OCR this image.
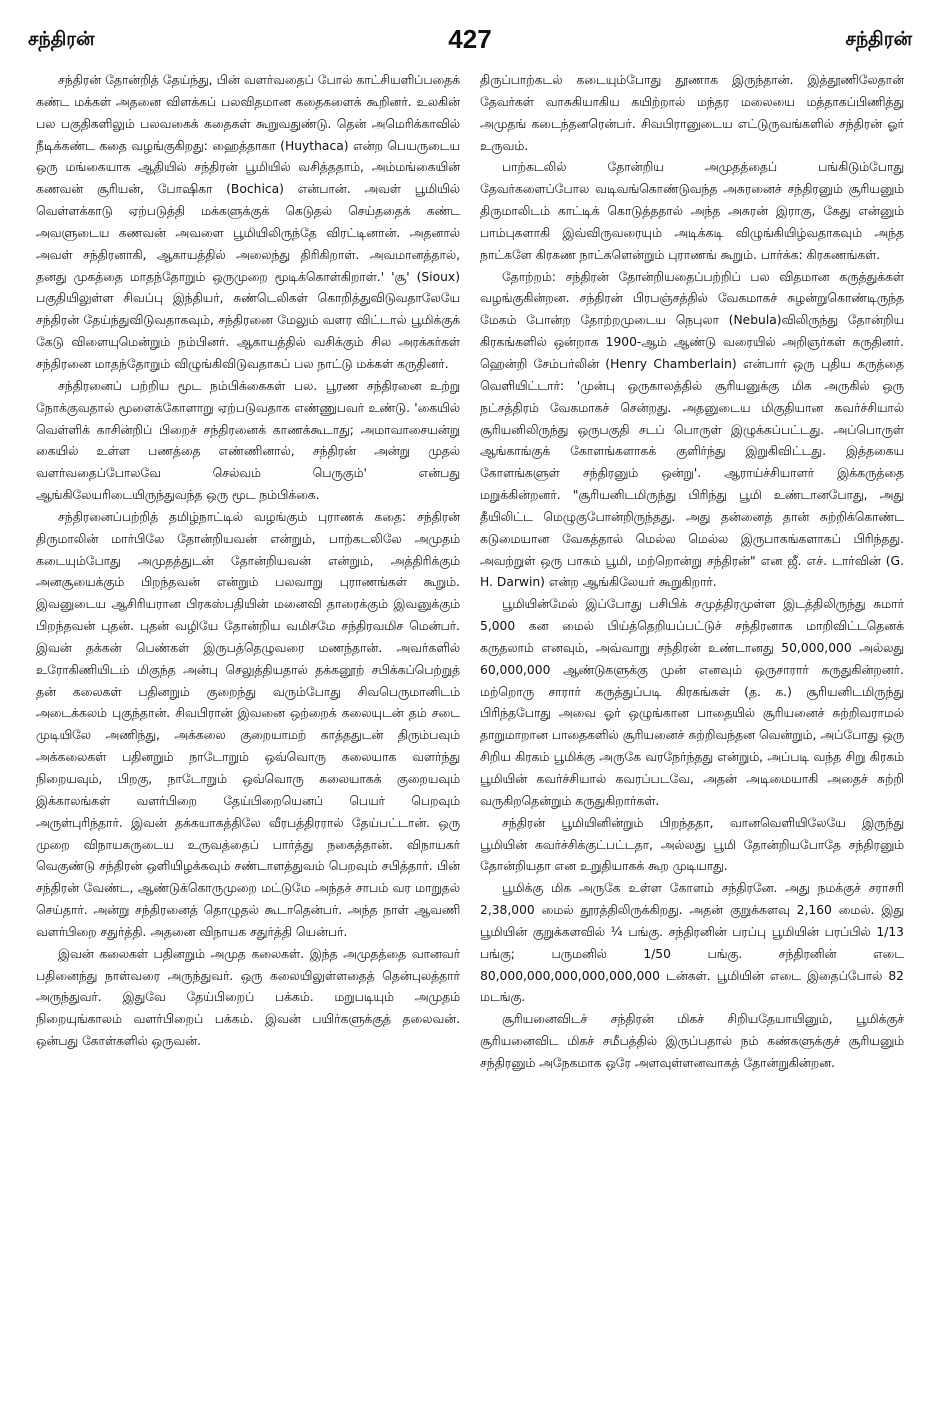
சந்திரன்	427	சந்திரன்

சந்திரன் தோன்றித் தேய்ந்து, பின் வளர்வதைப் போல் காட்சியளிப்பதைக் கண்ட மக்கள் அதனை விளக்கப் பலவிதமான கதைகளைக் கூறினர். உலகின் பல பகுதிகளிலும் பலவகைக் கதைகள் கூறுவதுண்டு. தென் அமெரிக்காவில் நீடிக்கண்ட கதை வழங்குகிறது: ஹைத்தாகா (Huythaca) என்ற பெயருடைய ஒரு மங்கையாக ஆதியில் சந்திரன் பூமியில் வசித்ததாம், அம்மங்கையின் கணவன் சூரியன், போஷிகா (Bochica) என்பான். அவள் பூமியில் வெள்ளக்காடு ஏற்படுத்தி மக்களுக்குக் கெடுதல் செய்ததைக் கண்ட அவளுடைய கணவன் அவளை பூமியிலிருந்தே விரட்டினான். அதனால் அவள் சந்திரனாகி, ஆகாயத்தில் அலைந்து திரிகிறாள். அவமானத்தால், தனது முகத்தை மாதந்தோறும் ஒருமுறை மூடிக்கொள்கிறாள்.' 'சூ' (Sioux) பகுதியிலுள்ள சிவப்பு இந்தியர், சுண்டெலிகள் கொறித்துவிடுவதாலேயே சந்திரன் தேய்ந்துவிடுவதாகவும், சந்திரனை மேலும் வளர விட்டால் பூமிக்குக் கேடு விளையுமென்றும் நம்பினர். ஆகாயத்தில் வசிக்கும் சில அரக்கர்கள் சந்திரனை மாதந்தோறும் விழுங்கிவிடுவதாகப் பல நாட்டு மக்கள் கருதினர்.

சந்திரனைப் பற்றிய மூட நம்பிக்கைகள் பல. பூரண சந்திரனை உற்று நோக்குவதால் மூளைக்கோளாறு ஏற்படுவதாக எண்ணுபவர் உண்டு. 'கையில் வெள்ளிக் காசின்றிப் பிறைச் சந்திரனைக் காணக்கூடாது; அமாவாசையன்று கையில் உள்ள பணத்தை எண்ணினால், சந்திரன் அன்று முதல் வளர்வதைப்போலவே செல்வம் பெருகும்' என்பது ஆங்கிலேயரிடையிருந்துவந்த ஒரு மூட நம்பிக்கை.

சந்திரனைப்பற்றித் தமிழ்நாட்டில் வழங்கும் புராணக் கதை: சந்திரன் திருமாலின் மார்பிலே தோன்றியவன் என்றும், பாற்கடலிலே அமுதம் கடையும்போது அமுதத்துடன் தோன்றியவன் என்றும், அத்திரிக்கும் அனசூயைக்கும் பிறந்தவன் என்றும் பலவாறு புராணங்கள் கூறும். இவனுடைய ஆசிரியரான பிரகஸ்பதியின் மனைவி தாரைக்கும் இவனுக்கும் பிறந்தவன் புதன். புதன் வழியே தோன்றிய வமிசமே சந்திரவமிச மென்பர். இவன் தக்கன் பெண்கள் இருபத்தெழுவரை மணந்தான். அவர்களில் உரோகிணியிடம் மிகுந்த அன்பு செலுத்தியதால் தக்கனூற் சபிக்கப்பெற்றுத் தன் கலைகள் பதினறும் குறைந்து வரும்போது சிவபெருமானிடம் அடைக்கலம் புகுந்தான். சிவபிரான் இவனை ஒற்றைக் கலையுடன் தம் சடை முடியிலே அணிந்து, அக்கலை குறையாமற் காத்ததுடன் திரும்பவும் அக்கலைகள் பதினறும் நாடோறும் ஒவ்வொரு கலையாக வளர்ந்து நிறையவும், பிறகு, நாடோறும் ஒவ்வொரு கலையாகக் குறையவும் இக்காலங்கள் வளர்பிறை தேய்பிறையெனப் பெயர் பெறவும் அருள்புரிந்தார். இவன் தக்கயாகத்திலே வீரபத்திரரால் தேய்பட்டான். ஒரு முறை விநாயகருடைய உருவத்தைப் பார்த்து நகைத்தான். விநாயகர் வெகுண்டு சந்திரன் ஒளியிழக்கவும் சண்டாளத்துவம் பெறவும் சபித்தார். பின் சந்திரன் வேண்ட, ஆண்டுக்கொருமுறை மட்டுமே அந்தச் சாபம் வர மாறுதல் செய்தார். அன்று சந்திரனைத் தொழுதல் கூடாதென்பர். அந்த நாள் ஆவணி வளர்பிறை சதுர்த்தி. அதனை விநாயக சதுர்த்தி யென்பர்.

இவன் கலைகள் பதினறும் அமுத கலைகள். இந்த அமுதத்தை வானவர் பதினைந்து நாள்வரை அருந்துவர். ஒரு கலையிலுள்ளதைத் தென்புலத்தார் அருந்துவர். இதுவே தேய்பிறைப் பக்கம். மறுபடியும் அமுதம் நிறையுங்காலம் வளர்பிறைப் பக்கம். இவன் பயிர்களுக்குத் தலைவன். ஒன்பது கோள்களில் ஒருவன்.

திருப்பாற்கடல் கடையும்போது தூணாக இருந்தான். இத்தூணிலேதான் தேவர்கள் வாசுகியாகிய கயிற்றால் மந்தர மலையை மத்தாகப்பிணித்து அமுதங் கடைந்தனரென்பர். சிவபிரானுடைய எட்டுருவங்களில் சந்திரன் ஓர் உருவம்.

பாற்கடலில் தோன்றிய அமுதத்தைப் பங்கிடும்போது தேவர்களைப்போல வடிவங்கொண்டுவந்த அசுரனைச் சந்திரனும் சூரியனும் திருமாலிடம் காட்டிக் கொடுத்ததால் அந்த அசுரன் இராகு, கேது என்னும் பாம்புகளாகி இவ்விருவரையும் அடிக்கடி விழுங்கியிழ்வதாகவும் அந்த நாட்களே கிரகண நாட்களென்றும் புராணங் கூறும். பார்க்க: கிரகணங்கள்.

தோற்றம்: சந்திரன் தோன்றியதைப்பற்றிப் பல விதமான கருத்துக்கள் வழங்குகின்றன. சந்திரன் பிரபஞ்சத்தில் வேகமாகச் சுழன்றுகொண்டிருந்த மேகம் போன்ற தோற்றமுடைய நெபுலா (Nebula)விலிருந்து தோன்றிய கிரகங்களில் ஒன்றாக 1900-ஆம் ஆண்டு வரையில் அறிஞர்கள் கருதினர். ஹென்றி சேம்பர்லின் (Henry Chamberlain) என்பார் ஒரு புதிய கருத்தை வெளியிட்டார்: 'முன்பு ஒருகாலத்தில் சூரியனுக்கு மிக அருகில் ஒரு நட்சத்திரம் வேகமாகச் சென்றது. அதனுடைய மிகுதியான கவர்ச்சியால் சூரியனிலிருந்து ஒருபகுதி சடப் பொருள் இழுக்கப்பட்டது. அப்பொருள் ஆங்காங்குக் கோளங்களாகக் குளிர்ந்து இறுகிவிட்டது. இத்தகைய கோளங்களுள் சந்திரனும் ஒன்று'. ஆராய்ச்சியாளர் இக்கருத்தை மறுக்கின்றனர். "சூரியனிடமிருந்து பிரிந்து பூமி உண்டானபோது, அது தீயிலிட்ட மெழுகுபோன்றிருந்தது. அது தன்னைத் தான் சுற்றிக்கொண்ட கடுமையான வேகத்தால் மெல்ல மெல்ல இருபாகங்களாகப் பிரிந்தது. அவற்றுள் ஒரு பாகம் பூமி, மற்றொன்று சந்திரன்" என ஜீ. எச். டார்வின் (G. H. Darwin) என்ற ஆங்கிலேயர் கூறுகிறார்.

பூமியின்மேல் இப்போது பசிபிக் சமுத்திரமுள்ள இடத்திலிருந்து சுமார் 5,000 கன மைல் பிய்த்தெறியப்பட்டுச் சந்திரனாக மாறிவிட்டதெனக் கருதலாம் எனவும், அவ்வாறு சந்திரன் உண்டானது 50,000,000 அல்லது 60,000,000 ஆண்டுகளுக்கு முன் எனவும் ஒருசாரார் கருதுகின்றனர். மற்றொரு சாரார் கருத்துப்படி கிரகங்கள் (த. க.) சூரியனிடமிருந்து பிரிந்தபோது அவை ஓர் ஒழுங்கான பாதையில் சூரியனைச் சுற்றிவராமல் தாறுமாறான பாதைகளில் சூரியனைச் சுற்றிவந்தன வென்றும், அப்போது ஒரு சிறிய கிரகம் பூமிக்கு அருகே வரநேர்ந்தது என்றும், அப்படி வந்த சிறு கிரகம் பூமியின் கவர்ச்சியால் கவரப்படவே, அதன் அடிமையாகி அதைச் சுற்றி வருகிறதென்றும் கருதுகிறார்கள்.

சந்திரன் பூமியினின்றும் பிறந்ததா, வானவெளியிலேயே இருந்து பூமியின் கவர்ச்சிக்குட்பட்டதா, அல்லது பூமி தோன்றியபோதே சந்திரனும் தோன்றியதா என உறுதியாகக் கூற முடியாது.

பூமிக்கு மிக அருகே உள்ள கோளம் சந்திரனே. அது நமக்குச் சராசரி 2,38,000 மைல் தூரத்திலிருக்கிறது. அதன் குறுக்களவு 2,160 மைல். இது பூமியின் குறுக்களவில் ¼ பங்கு. சந்திரனின் பரப்பு பூமியின் பரப்பில் 1/13 பங்கு; பருமனில் 1/50 பங்கு. சந்திரனின் எடை 80,000,000,000,000,000,000 டன்கள். பூமியின் எடை இதைப்போல் 82 மடங்கு.

சூரியனைவிடச் சந்திரன் மிகச் சிறியதேயாயினும், பூமிக்குச் சூரியனைவிட மிகச் சமீபத்தில் இருப்பதால் நம் கண்களுக்குச் சூரியனும் சந்திரனும் அநேகமாக ஒரே அளவுள்ளனவாகத் தோன்றுகின்றன.
